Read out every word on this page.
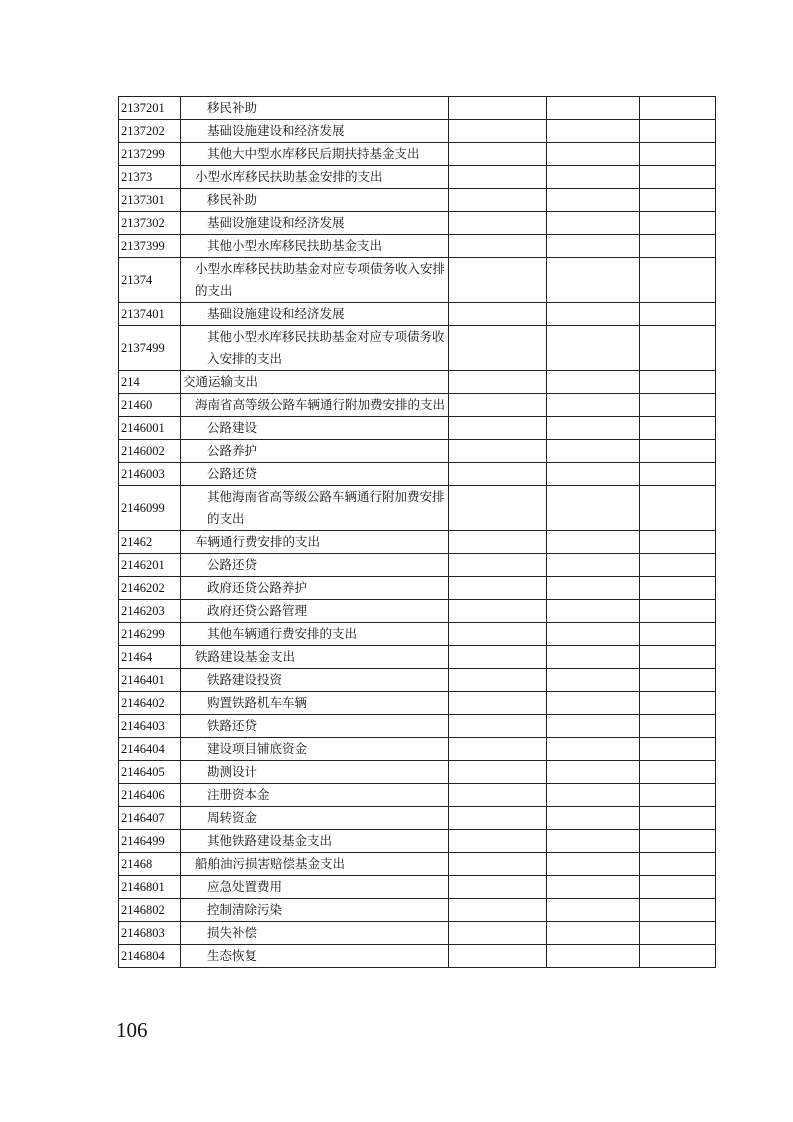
2137201	移民补助			
2137202	基础设施建设和经济发展			
2137299	其他大中型水库移民后期扶持基金支出			
21373	小型水库移民扶助基金安排的支出			
2137301	移民补助			
2137302	基础设施建设和经济发展			
2137399	其他小型水库移民扶助基金支出			
21374	小型水库移民扶助基金对应专项债务收入安排的支出			
2137401	基础设施建设和经济发展			
2137499	其他小型水库移民扶助基金对应专项债务收入安排的支出			
214	交通运输支出			
21460	海南省高等级公路车辆通行附加费安排的支出			
2146001	公路建设			
2146002	公路养护			
2146003	公路还贷			
2146099	其他海南省高等级公路车辆通行附加费安排的支出			
21462	车辆通行费安排的支出			
2146201	公路还贷			
2146202	政府还贷公路养护			
2146203	政府还贷公路管理			
2146299	其他车辆通行费安排的支出			
21464	铁路建设基金支出			
2146401	铁路建设投资			
2146402	购置铁路机车车辆			
2146403	铁路还贷			
2146404	建设项目铺底资金			
2146405	勘测设计			
2146406	注册资本金			
2146407	周转资金			
2146499	其他铁路建设基金支出			
21468	船舶油污损害赔偿基金支出			
2146801	应急处置费用			
2146802	控制清除污染			
2146803	损失补偿			
2146804	生态恢复			
106
